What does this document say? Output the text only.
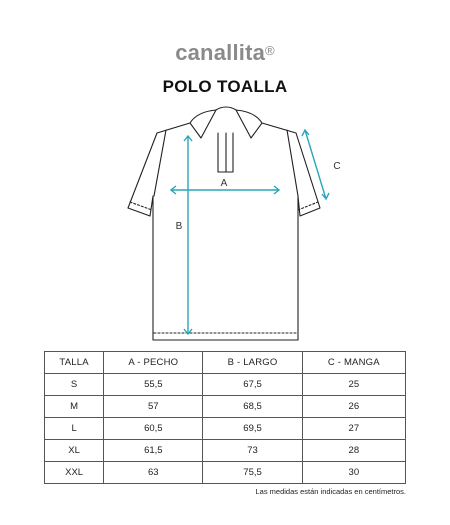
canallita®
POLO TOALLA
A
B
C
TALLA	A - PECHO	B - LARGO	C - MANGA
S	55,5	67,5	25
M	57	68,5	26
L	60,5	69,5	27
XL	61,5	73	28
XXL	63	75,5	30
Las medidas están indicadas en centímetros.
